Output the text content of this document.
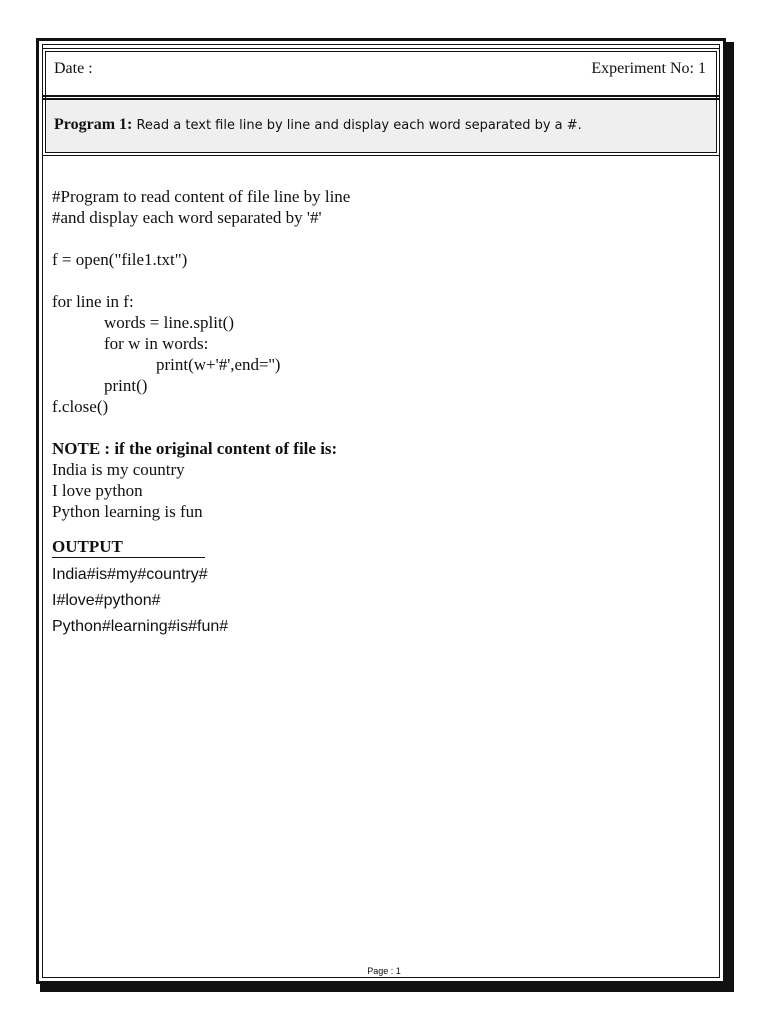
Date :	Experiment No: 1
Program 1: Read a text file line by line and display each word separated by a #.
#Program to read content of file line by line
#and display each word separated by '#'
f = open("file1.txt")
for line in f:
words = line.split()
for w in words:
print(w+'#',end='')
print()
f.close()
NOTE : if the original content of file is:
India is my country
I love python
Python learning is fun
OUTPUT
India#is#my#country#
I#love#python#
Python#learning#is#fun#
Page : 1
